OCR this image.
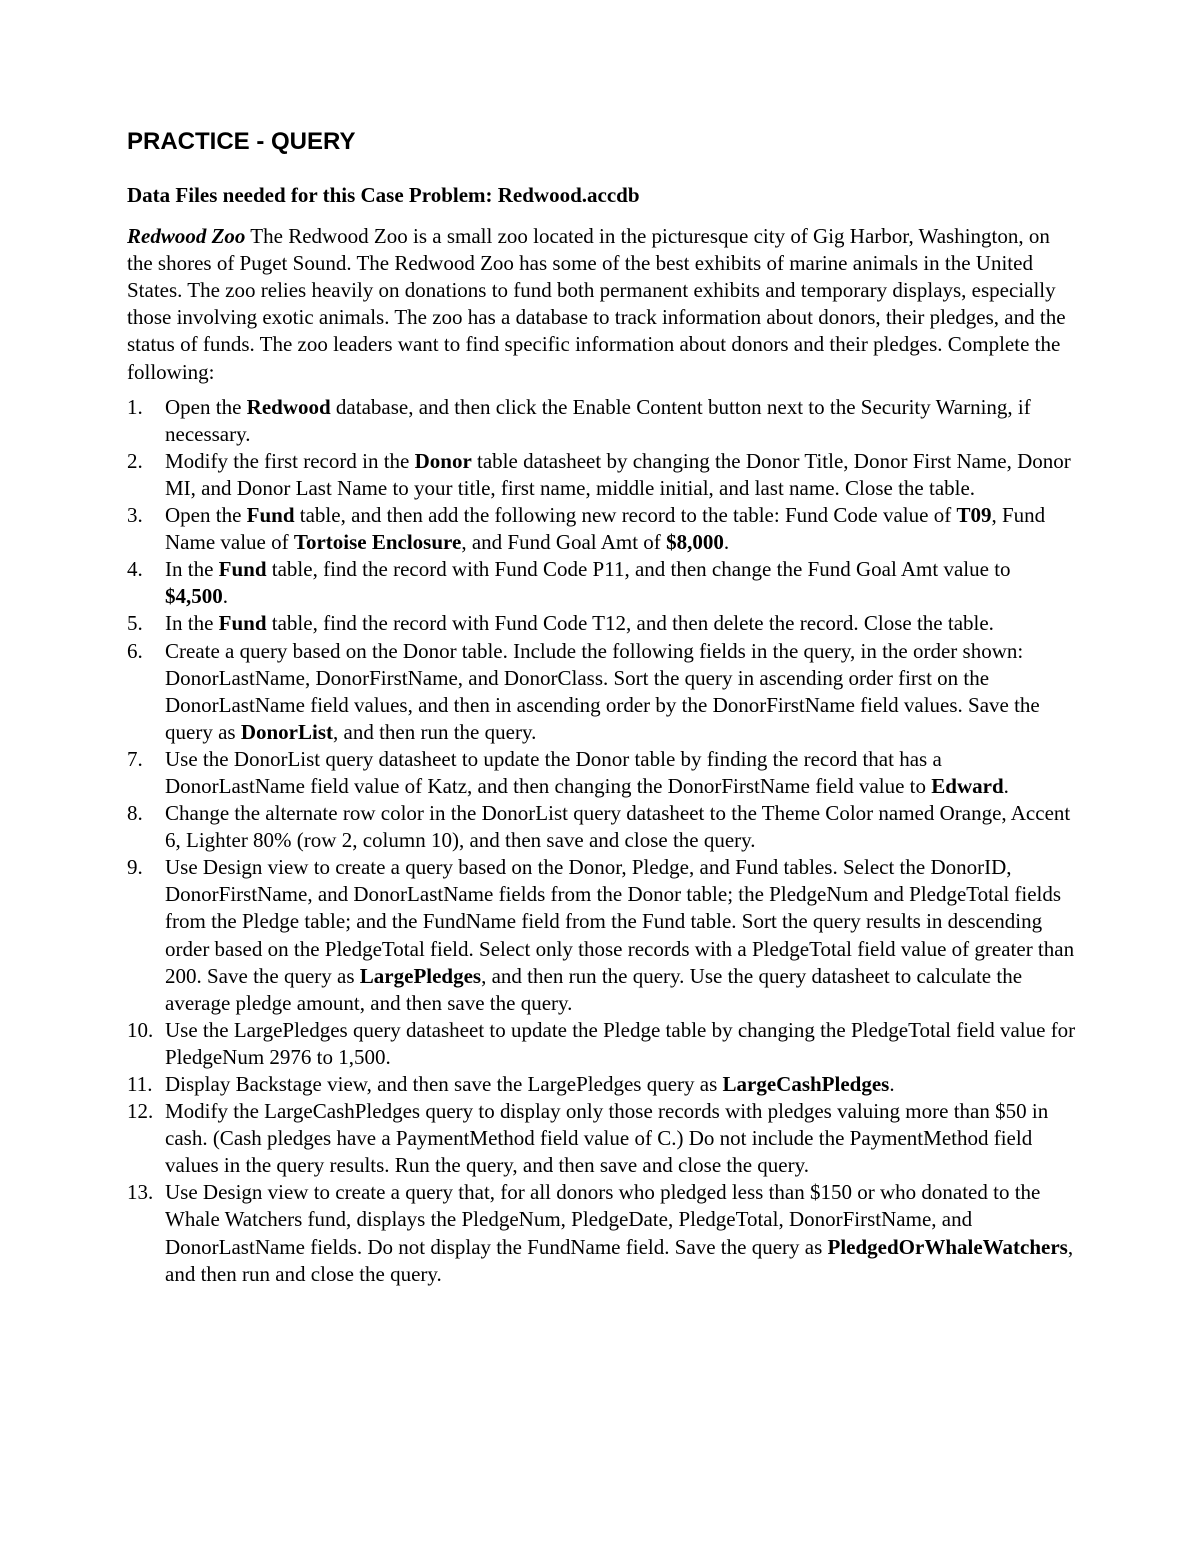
PRACTICE - QUERY
Data Files needed for this Case Problem: Redwood.accdb
Redwood Zoo The Redwood Zoo is a small zoo located in the picturesque city of Gig Harbor, Washington, on the shores of Puget Sound. The Redwood Zoo has some of the best exhibits of marine animals in the United States. The zoo relies heavily on donations to fund both permanent exhibits and temporary displays, especially those involving exotic animals. The zoo has a database to track information about donors, their pledges, and the status of funds. The zoo leaders want to find specific information about donors and their pledges. Complete the following:
1.	Open the Redwood database, and then click the Enable Content button next to the Security Warning, if necessary.
2.	Modify the first record in the Donor table datasheet by changing the Donor Title, Donor First Name, Donor MI, and Donor Last Name to your title, first name, middle initial, and last name. Close the table.
3.	Open the Fund table, and then add the following new record to the table: Fund Code value of T09, Fund Name value of Tortoise Enclosure, and Fund Goal Amt of $8,000.
4.	In the Fund table, find the record with Fund Code P11, and then change the Fund Goal Amt value to $4,500.
5.	In the Fund table, find the record with Fund Code T12, and then delete the record. Close the table.
6.	Create a query based on the Donor table. Include the following fields in the query, in the order shown: DonorLastName, DonorFirstName, and DonorClass. Sort the query in ascending order first on the DonorLastName field values, and then in ascending order by the DonorFirstName field values. Save the query as DonorList, and then run the query.
7.	Use the DonorList query datasheet to update the Donor table by finding the record that has a DonorLastName field value of Katz, and then changing the DonorFirstName field value to Edward.
8.	Change the alternate row color in the DonorList query datasheet to the Theme Color named Orange, Accent 6, Lighter 80% (row 2, column 10), and then save and close the query.
9.	Use Design view to create a query based on the Donor, Pledge, and Fund tables. Select the DonorID, DonorFirstName, and DonorLastName fields from the Donor table; the PledgeNum and PledgeTotal fields from the Pledge table; and the FundName field from the Fund table. Sort the query results in descending order based on the PledgeTotal field. Select only those records with a PledgeTotal field value of greater than 200. Save the query as LargePledges, and then run the query. Use the query datasheet to calculate the average pledge amount, and then save the query.
10. Use the LargePledges query datasheet to update the Pledge table by changing the PledgeTotal field value for PledgeNum 2976 to 1,500.
11. Display Backstage view, and then save the LargePledges query as LargeCashPledges.
12. Modify the LargeCashPledges query to display only those records with pledges valuing more than $50 in cash. (Cash pledges have a PaymentMethod field value of C.) Do not include the PaymentMethod field values in the query results. Run the query, and then save and close the query.
13. Use Design view to create a query that, for all donors who pledged less than $150 or who donated to the Whale Watchers fund, displays the PledgeNum, PledgeDate, PledgeTotal, DonorFirstName, and DonorLastName fields. Do not display the FundName field. Save the query as PledgedOrWhaleWatchers, and then run and close the query.
